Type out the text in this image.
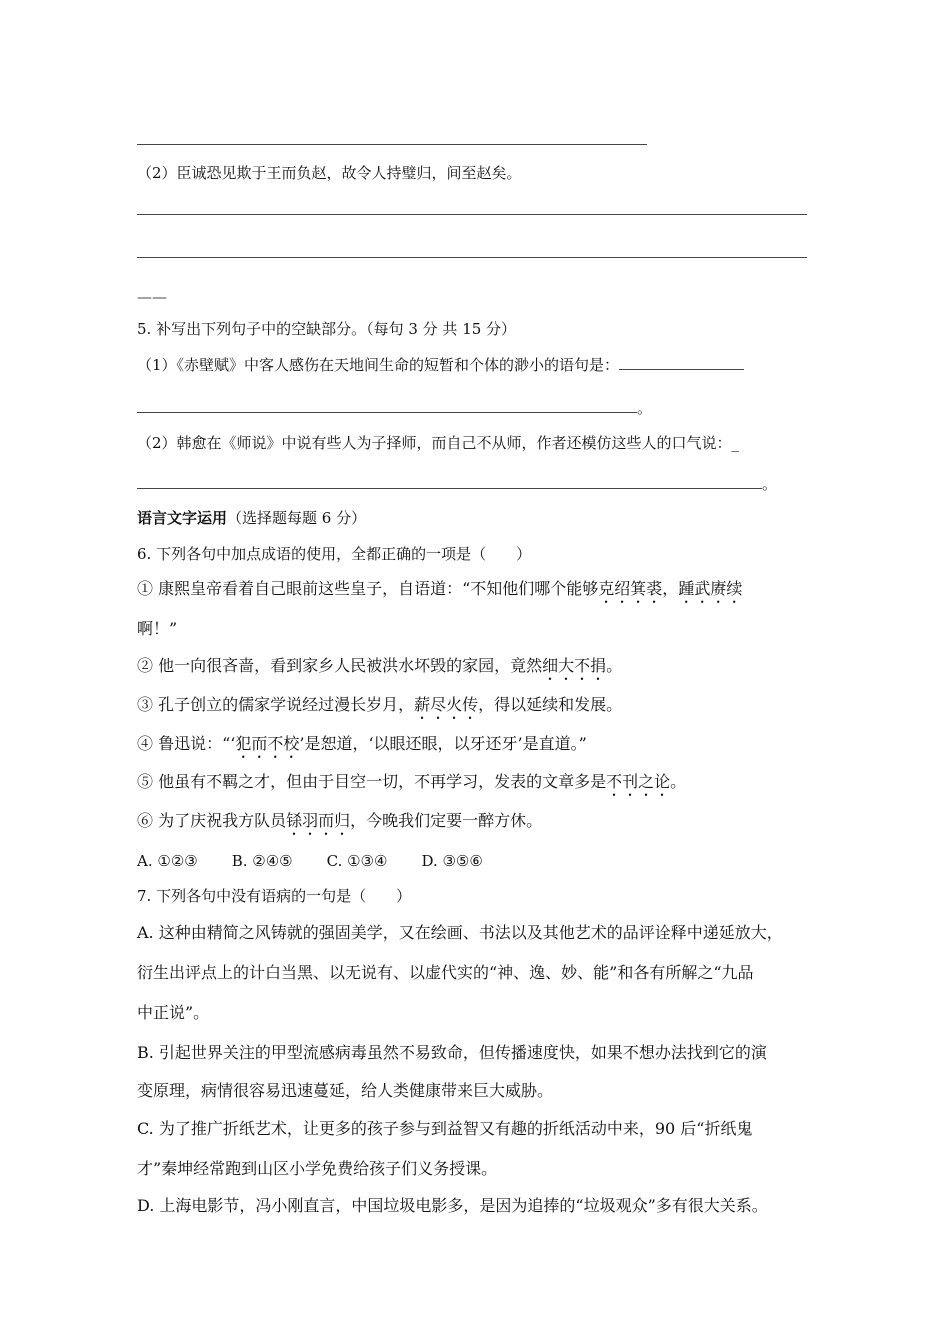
（2）臣诚恐见欺于王而负赵，故令人持璧归，间至赵矣。
——
5. 补写出下列句子中的空缺部分。（每句 3 分 共 15 分）
（1）《赤壁赋》中客人感伤在天地间生命的短暂和个体的渺小的语句是：
。
（2）韩愈在《师说》中说有些人为子择师，而自己不从师，作者还模仿这些人的口气说：_
。
语言文字运用（选择题每题 6 分）
6. 下列各句中加点成语的使用，全都正确的一项是（　　）
① 康熙皇帝看着自己眼前这些皇子，自语道：“不知他们哪个能够克绍箕裘，踵武赓续
啊！”
② 他一向很吝啬，看到家乡人民被洪水坏毁的家园，竟然细大不捐。
③ 孔子创立的儒家学说经过漫长岁月，薪尽火传，得以延续和发展。
④ 鲁迅说：“‘犯而不校’是恕道，‘以眼还眼，以牙还牙’是直道。”
⑤ 他虽有不羁之才，但由于目空一切，不再学习，发表的文章多是不刊之论。
⑥ 为了庆祝我方队员铩羽而归，今晚我们定要一醉方休。
A. ①②③ B. ②④⑤ C. ①③④ D. ③⑤⑥
7. 下列各句中没有语病的一句是（　　）
A. 这种由精简之风铸就的强固美学，又在绘画、书法以及其他艺术的品评诠释中递延放大，
衍生出评点上的计白当黑、以无说有、以虚代实的“神、逸、妙、能”和各有所解之“九品
中正说”。
B. 引起世界关注的甲型流感病毒虽然不易致命，但传播速度快，如果不想办法找到它的演
变原理，病情很容易迅速蔓延，给人类健康带来巨大威胁。
C. 为了推广折纸艺术，让更多的孩子参与到益智又有趣的折纸活动中来，90 后“折纸鬼
才”秦坤经常跑到山区小学免费给孩子们义务授课。
D. 上海电影节，冯小刚直言，中国垃圾电影多，是因为追捧的“垃圾观众”多有很大关系。
